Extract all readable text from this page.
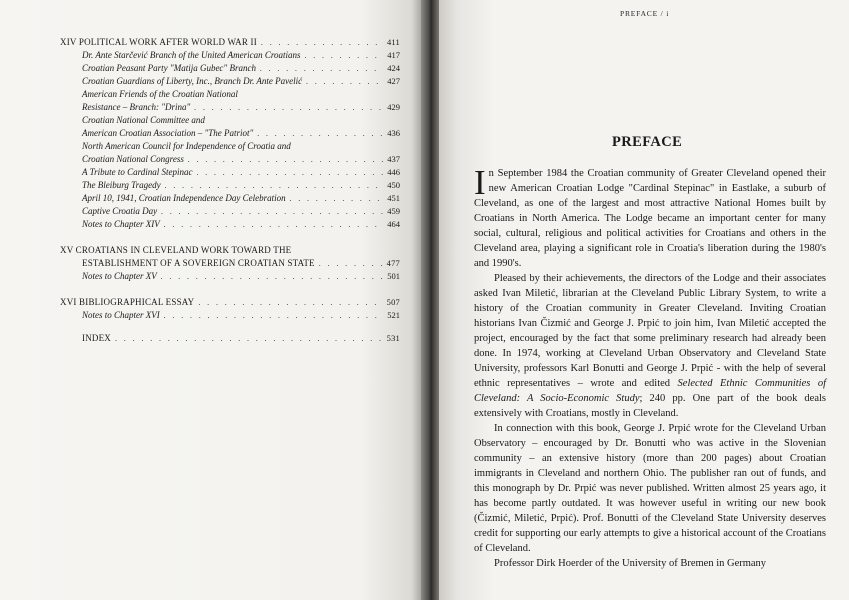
XIV POLITICAL WORK AFTER WORLD WAR II . . .	411
Dr. Ante Starčević Branch of the United American Croatians . . .	417
Croatian Peasant Party "Matija Gubec" Branch . . .	424
Croatian Guardians of Liberty, Inc., Branch Dr. Ante Pavelić . . .	427
American Friends of the Croatian National
Resistance – Branch: "Drina" . . .	429
Croatian National Committee and
American Croatian Association – "The Patriot" . . .	436
North American Council for Independence of Croatia and
Croatian National Congress . . .	437
A Tribute to Cardinal Stepinac . . .	446
The Bleiburg Tragedy . . .	450
April 10, 1941, Croatian Independence Day Celebration . . .	451
Captive Croatia Day . . .	459
Notes to Chapter XIV . . .	464
XV CROATIANS IN CLEVELAND WORK TOWARD THE
ESTABLISHMENT OF A SOVEREIGN CROATIAN STATE . . .	477
Notes to Chapter XV . . .	501
XVI BIBLIOGRAPHICAL ESSAY . . .	507
Notes to Chapter XVI . . .	521
INDEX . . .	531
PREFACE / i
PREFACE

In September 1984 the Croatian community of Greater Cleveland opened their new American Croatian Lodge "Cardinal Stepinac" in Eastlake, a suburb of Cleveland, as one of the largest and most attractive National Homes built by Croatians in North America. The Lodge became an important center for many social, cultural, religious and political activities for Croatians and others in the Cleveland area, playing a significant role in Croatia's liberation during the 1980's and 1990's.

Pleased by their achievements, the directors of the Lodge and their associates asked Ivan Miletić, librarian at the Cleveland Public Library System, to write a history of the Croatian community in Greater Cleveland. Inviting Croatian historians Ivan Čizmić and George J. Prpić to join him, Ivan Miletić accepted the project, encouraged by the fact that some preliminary research had already been done. In 1974, working at Cleveland Urban Observatory and Cleveland State University, professors Karl Bonutti and George J. Prpić - with the help of several ethnic representatives – wrote and edited Selected Ethnic Communities of Cleveland: A Socio-Economic Study; 240 pp. One part of the book deals extensively with Croatians, mostly in Cleveland.

In connection with this book, George J. Prpić wrote for the Cleveland Urban Observatory – encouraged by Dr. Bonutti who was active in the Slovenian community – an extensive history (more than 200 pages) about Croatian immigrants in Cleveland and northern Ohio. The publisher ran out of funds, and this monograph by Dr. Prpić was never published. Written almost 25 years ago, it has become partly outdated. It was however useful in writing our new book (Čizmić, Miletić, Prpić). Prof. Bonutti of the Cleveland State University deserves credit for supporting our early attempts to give a historical account of the Croatians of Cleveland.

Professor Dirk Hoerder of the University of Bremen in Germany
